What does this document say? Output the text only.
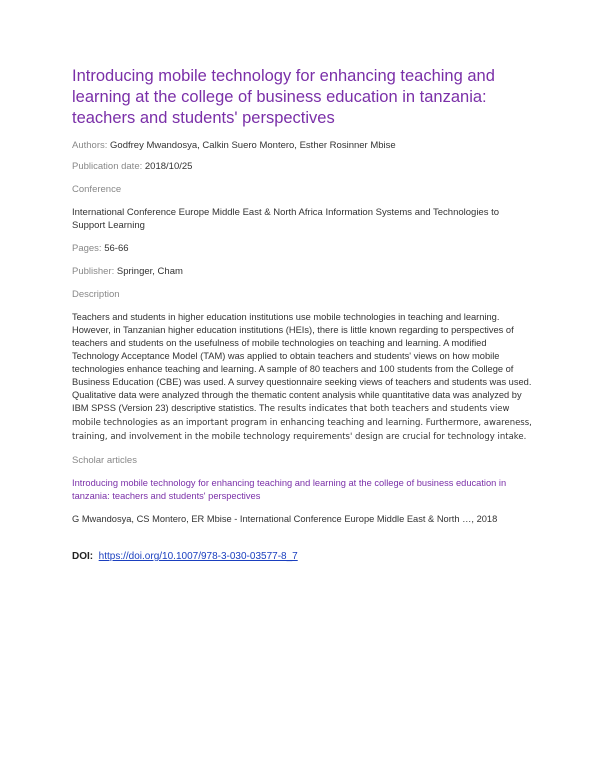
Introducing mobile technology for enhancing teaching and learning at the college of business education in tanzania: teachers and students' perspectives

Authors: Godfrey Mwandosya, Calkin Suero Montero, Esther Rosinner Mbise

Publication date: 2018/10/25

Conference

International Conference Europe Middle East & North Africa Information Systems and Technologies to Support Learning

Pages: 56-66

Publisher: Springer, Cham

Description

Teachers and students in higher education institutions use mobile technologies in teaching and learning. However, in Tanzanian higher education institutions (HEIs), there is little known regarding to perspectives of teachers and students on the usefulness of mobile technologies on teaching and learning. A modified Technology Acceptance Model (TAM) was applied to obtain teachers and students' views on how mobile technologies enhance teaching and learning. A sample of 80 teachers and 100 students from the College of Business Education (CBE) was used. A survey questionnaire seeking views of teachers and students was used. Qualitative data were analyzed through the thematic content analysis while quantitative data was analyzed by IBM SPSS (Version 23) descriptive statistics. The results indicates that both teachers and students view mobile technologies as an important program in enhancing teaching and learning. Furthermore, awareness, training, and involvement in the mobile technology requirements' design are crucial for technology intake.

Scholar articles

Introducing mobile technology for enhancing teaching and learning at the college of business education in tanzania: teachers and students' perspectives

G Mwandosya, CS Montero, ER Mbise - International Conference Europe Middle East & North …, 2018

DOI: https://doi.org/10.1007/978-3-030-03577-8_7
